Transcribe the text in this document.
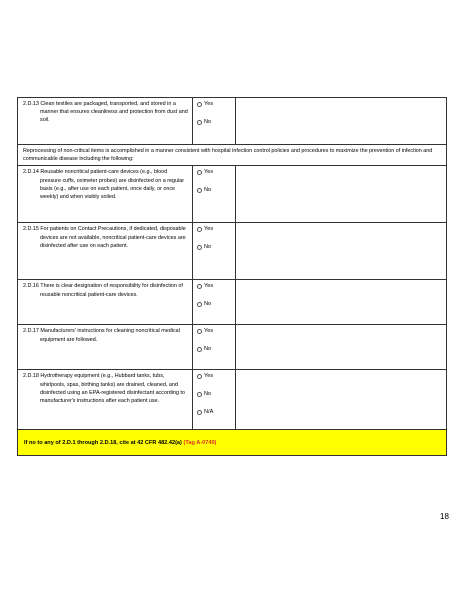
2.D.13 Clean textiles are packaged, transported, and stored in a manner that ensures cleanliness and protection from dust and soil.
Yes
No
Reprocessing of non-critical items is accomplished in a manner consistent with hospital infection control policies and procedures to maximize the prevention of infection and communicable disease including the following:
2.D.14 Reusable noncritical patient-care devices (e.g., blood pressure cuffs, oximeter probes) are disinfected on a regular basis (e.g., after use on each patient, once daily, or once weekly) and when visibly soiled.
Yes
No
2.D.15 For patients on Contact Precautions, if dedicated, disposable devices are not available, noncritical patient-care devices are disinfected after use on each patient.
Yes
No
2.D.16 There is clear designation of responsibility for disinfection of reusable noncritical patient-care devices.
Yes
No
2.D.17 Manufacturers' instructions for cleaning noncritical medical equipment are followed.
Yes
No
2.D.18 Hydrotherapy equipment (e.g., Hubbard tanks, tubs, whirlpools, spas, birthing tanks) are drained, cleaned, and disinfected using an EPA-registered disinfectant according to manufacturer's instructions after each patient use.
Yes
No
N/A
If no to any of 2.D.1 through 2.D.18, cite at 42 CFR 482.42(a)
(Tag A-0749)
18
